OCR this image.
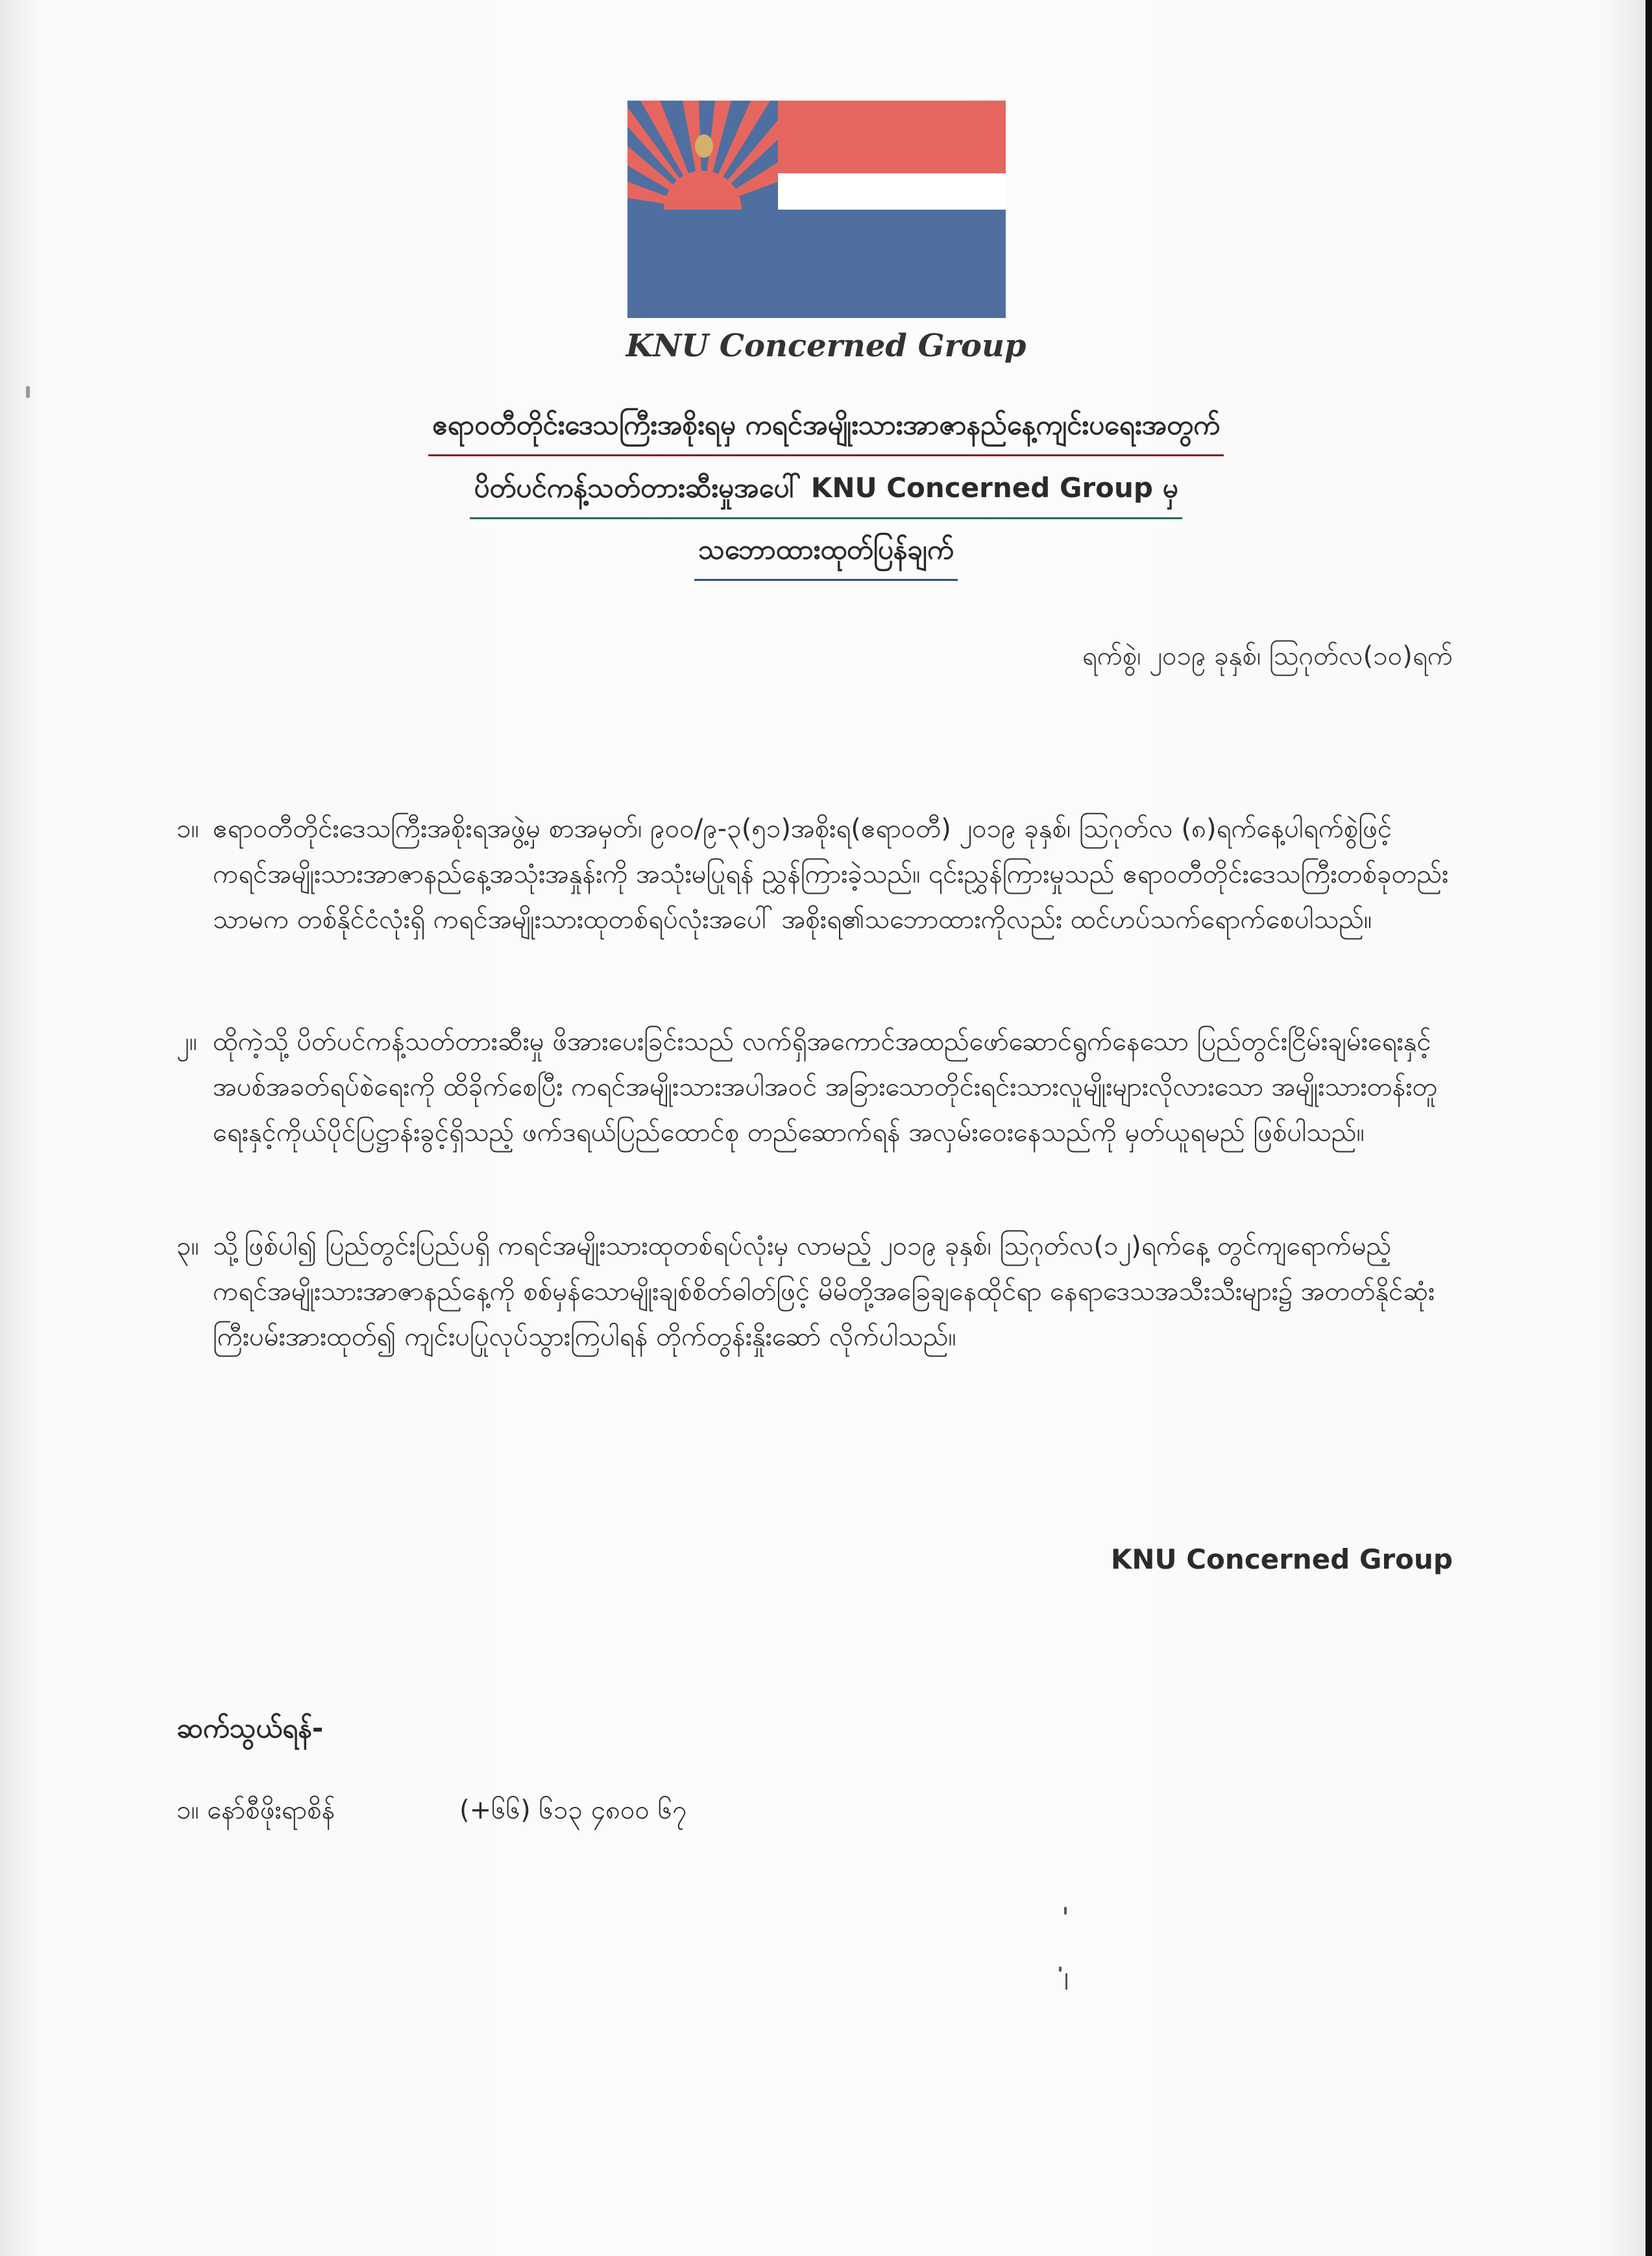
KNU Concerned Group
ဧရာဝတီတိုင်းဒေသကြီးအစိုးရမှ ကရင်အမျိုးသားအာဇာနည်နေ့ကျင်းပရေးအတွက်
ပိတ်ပင်ကန့်သတ်တားဆီးမှုအပေါ် KNU Concerned Group မှ
သဘောထားထုတ်ပြန်ချက်
ရက်စွဲ၊ ၂၀၁၉ ခုနှစ်၊ ဩဂုတ်လ(၁၀)ရက်
၁။ ဧရာဝတီတိုင်းဒေသကြီးအစိုးရအဖွဲ့မှ စာအမှတ်၊ ၉၀၀/၉-၃(၅၁)အစိုးရ(ဧရာဝတီ) ၂၀၁၉ ခုနှစ်၊ ဩဂုတ်လ (၈)ရက်နေ့ပါရက်စွဲဖြင့် ကရင်အမျိုးသားအာဇာနည်နေ့အသုံးအနှုန်းကို အသုံးမပြုရန် ညွှန်ကြားခဲ့သည်။ ၎င်းညွှန်ကြားမှုသည် ဧရာဝတီတိုင်းဒေသကြီးတစ်ခုတည်းသာမက တစ်နိုင်ငံလုံးရှိ ကရင်အမျိုးသားထုတစ်ရပ်လုံးအပေါ် အစိုးရ၏သဘောထားကိုလည်း ထင်ဟပ်သက်ရောက်စေပါသည်။
၂။ ထိုကဲ့သို့ ပိတ်ပင်ကန့်သတ်တားဆီးမှု ဖိအားပေးခြင်းသည် လက်ရှိအကောင်အထည်ဖော်ဆောင်ရွက်နေသော ပြည်တွင်းငြိမ်းချမ်းရေးနှင့်အပစ်အခတ်ရပ်စဲရေးကို ထိခိုက်စေပြီး ကရင်အမျိုးသားအပါအဝင် အခြားသောတိုင်းရင်းသားလူမျိုးများလိုလားသော အမျိုးသားတန်းတူရေးနှင့်ကိုယ်ပိုင်ပြဋ္ဌာန်းခွင့်ရှိသည့် ဖက်ဒရယ်ပြည်ထောင်စု တည်ဆောက်ရန် အလှမ်းဝေးနေသည်ကို မှတ်ယူရမည် ဖြစ်ပါသည်။
၃။ သို့ဖြစ်ပါ၍ ပြည်တွင်းပြည်ပရှိ ကရင်အမျိုးသားထုတစ်ရပ်လုံးမှ လာမည့် ၂၀၁၉ ခုနှစ်၊ ဩဂုတ်လ(၁၂)ရက်နေ့ တွင်ကျရောက်မည့် ကရင်အမျိုးသားအာဇာနည်နေ့ကို စစ်မှန်သောမျိုးချစ်စိတ်ဓါတ်ဖြင့် မိမိတို့အခြေချနေထိုင်ရာ နေရာဒေသအသီးသီးများ၌ အတတ်နိုင်ဆုံးကြီးပမ်းအားထုတ်၍ ကျင်းပပြုလုပ်သွားကြပါရန် တိုက်တွန်းနှိုးဆော် လိုက်ပါသည်။
KNU Concerned Group
ဆက်သွယ်ရန်-
၁။ နော်စီဖိုးရာစိန်	(+၆၆) ၆၁၃ ၄၈၀၀ ၆၇
